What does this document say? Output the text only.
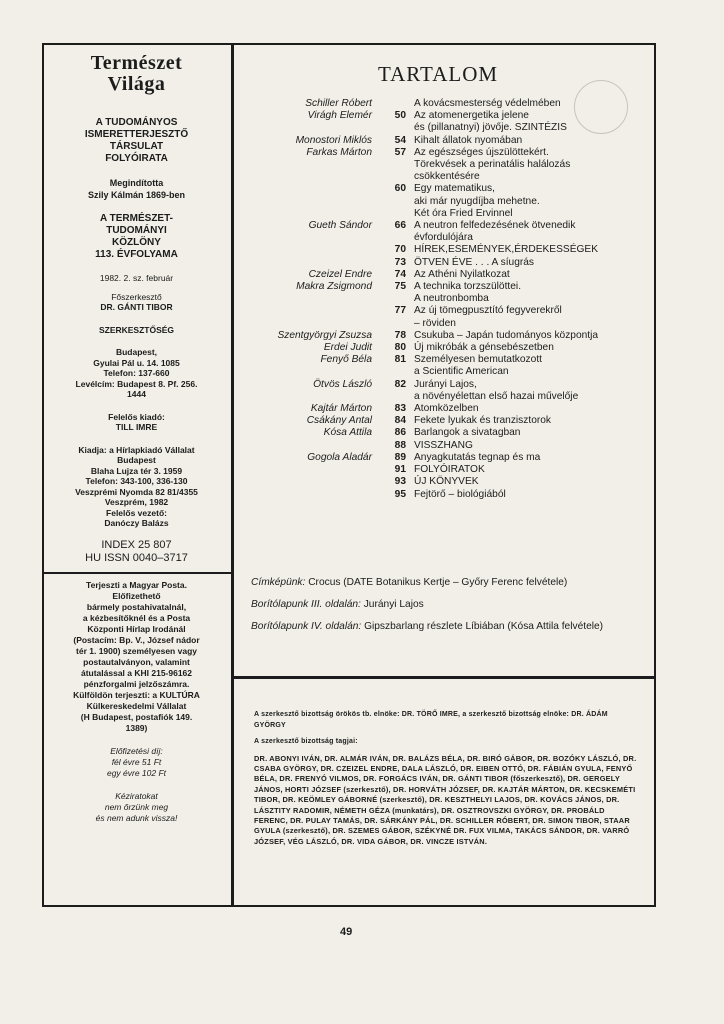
Természet
Világa
A TUDOMÁNYOS
ISMERETTERJESZTŐ
TÁRSULAT
FOLYÓIRATA
Megindította
Szily Kálmán 1869-ben
A TERMÉSZET-
TUDOMÁNYI
KÖZLÖNY
113. ÉVFOLYAMA
1982. 2. sz. február
Főszerkesztő
DR. GÁNTI TIBOR
SZERKESZTŐSÉG
Budapest,
Gyulai Pál u. 14. 1085
Telefon: 137-660
Levélcím: Budapest 8. Pf. 256.
1444
Felelős kiadó:
TILL IMRE
Kiadja: a Hírlapkiadó Vállalat
Budapest
Blaha Lujza tér 3. 1959
Telefon: 343-100, 336-130
Veszprémi Nyomda 82 81/4355
Veszprém, 1982
Felelős vezető:
Danóczy Balázs
INDEX 25 807
HU ISSN 0040–3717
Terjeszti a Magyar Posta.
Előfizethető
bármely postahivatalnál,
a kézbesítőknél és a Posta
Központi Hírlap Irodánál
(Postacím: Bp. V., József nádor
tér 1. 1900) személyesen vagy
postautalványon, valamint
átutalással a KHI 215-96162
pénzforgalmi jelzőszámra.
Külföldön terjeszti: a KULTÚRA
Külkereskedelmi Vállalat
(H Budapest, postafiók 149.
1389)
Előfizetési díj:
fél évre 51 Ft
egy évre 102 Ft
Kéziratokat
nem őrzünk meg
és nem adunk vissza!
TARTALOM
Schiller Róbert	A kovácsmesterség védelmében
Virágh Elemér	50 Az atomenergetika jelene
és (pillanatnyi) jövője. SZINTÉZIS
Monostori Miklós	54 Kihalt állatok nyomában
Farkas Márton	57 Az egészséges újszülöttekért.
Törekvések a perinatális halálozás
csökkentésére
60 Egy matematikus,
aki már nyugdíjba mehetne.
Két óra Fried Ervinnel
Gueth Sándor	66 A neutron felfedezésének ötvenedik
évfordulójára
70 HÍREK,ESEMÉNYEK,ÉRDEKESSÉGEK
73 ÖTVEN ÉVE . . . A síugrás
Czeizel Endre	74 Az Athéni Nyilatkozat
Makra Zsigmond	75 A technika torzszülöttei.
A neutronbomba
77 Az új tömegpusztító fegyverekről
– röviden
Szentgyörgyi Zsuzsa	78 Csukuba – Japán tudományos központja
Erdei Judit	80 Új mikróbák a génsebészetben
Fenyő Béla	81 Személyesen bemutatkozott
a Scientific American
Ötvös László	82 Jurányi Lajos,
a növényélettan első hazai művelője
Kajtár Márton	83 Atomközelben
Csákány Antal	84 Fekete lyukak és tranzisztorok
Kósa Attila	86 Barlangok a sivatagban
88 VISSZHANG
Gogola Aladár	89 Anyagkutatás tegnap és ma
91 FOLYÓIRATOK
93 ÚJ KÖNYVEK
95 Fejtörő – biológiából
Címképünk: Crocus (DATE Botanikus Kertje – Győry Ferenc felvétele)
Borítólapunk III. oldalán: Jurányi Lajos
Borítólapunk IV. oldalán: Gipszbarlang részlete Líbiában (Kósa Attila felvétele)

A szerkesztő bizottság örökös tb. elnöke: DR. TÖRŐ IMRE, a szerkesztő bizottság elnöke: DR. ÁDÁM GYÖRGY

A szerkesztő bizottság tagjai:

DR. ABONYI IVÁN, DR. ALMÁR IVÁN, DR. BALÁZS BÉLA, DR. BIRÓ GÁBOR, DR. BOZÓKY LÁSZLÓ, DR. CSABA GYÖRGY, DR. CZEIZEL ENDRE, DALA LÁSZLÓ, DR. EIBEN OTTÓ, DR. FÁBIÁN GYULA, FENYŐ BÉLA, DR. FRENYÓ VILMOS, DR. FORGÁCS IVÁN, DR. GÁNTI TIBOR (főszerkesztő), DR. GERGELY JÁNOS, HORTI JÓZSEF (szerkesztő), DR. HORVÁTH JÓZSEF, DR. KAJTÁR MÁRTON, DR. KECSKEMÉTI TIBOR, DR. KEÖMLEY GÁBORNÉ (szerkesztő), DR. KESZTHELYI LAJOS, DR. KOVÁCS JÁNOS, DR. LÁSZTITY RADOMIR, NÉMETH GÉZA (munkatárs), DR. OSZTROVSZKI GYÖRGY, DR. PROBÁLD FERENC, DR. PULAY TAMÁS, DR. SÁRKÁNY PÁL, DR. SCHILLER RÓBERT, DR. SIMON TIBOR, STAAR GYULA (szerkesztő), DR. SZEMES GÁBOR, SZÉKYNÉ DR. FUX VILMA, TAKÁCS SÁNDOR, DR. VARRÓ JÓZSEF, VÉG LÁSZLÓ, DR. VIDA GÁBOR, DR. VINCZE ISTVÁN.

49
